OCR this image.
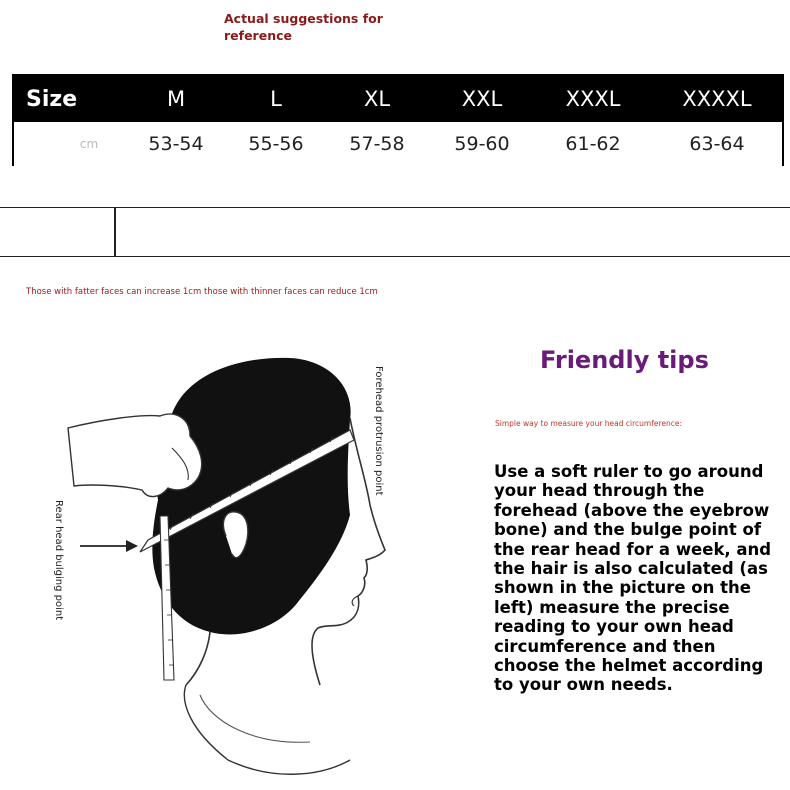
Actual suggestions for reference
Size	M	L	XL	XXL	XXXL	XXXXL
cm	53-54	55-56	57-58	59-60	61-62	63-64
Those with fatter faces can increase 1cm those with thinner faces can reduce 1cm
Forehead protrusion point
Rear head bulging point
Friendly tips
Simple way to measure your head circumference:
Use a soft ruler to go around your head through the forehead (above the eyebrow bone) and the bulge point of the rear head for a week, and the hair is also calculated (as shown in the picture on the left) measure the precise reading to your own head circumference and then choose the helmet according to your own needs.
